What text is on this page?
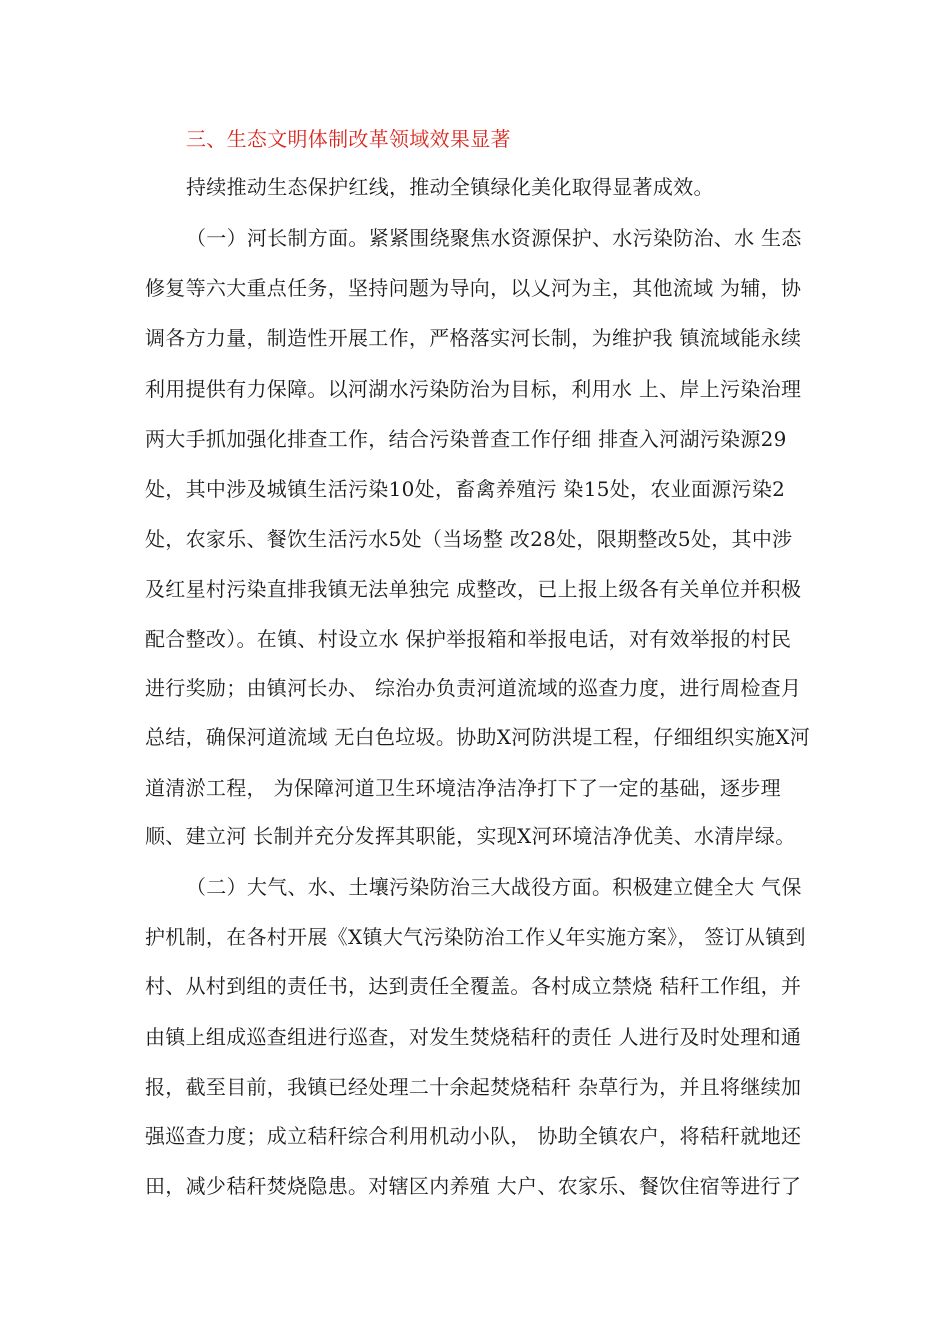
三、生态文明体制改革领域效果显著
持续推动生态保护红线，推动全镇绿化美化取得显著成效。
（一）河长制方面。紧紧围绕聚焦水资源保护、水污染防治、水 生态
修复等六大重点任务，坚持问题为导向，以乂河为主，其他流域 为辅，协
调各方力量，制造性开展工作，严格落实河长制，为维护我 镇流域能永续
利用提供有力保障。以河湖水污染防治为目标，利用水 上、岸上污染治理
两大手抓加强化排查工作，结合污染普查工作仔细 排查入河湖污染源29
处，其中涉及城镇生活污染10处，畜禽养殖污 染15处，农业面源污染2
处，农家乐、餐饮生活污水5处（当场整 改28处，限期整改5处，其中涉
及红星村污染直排我镇无法单独完 成整改，已上报上级各有关单位并积极
配合整改）。在镇、村设立水 保护举报箱和举报电话，对有效举报的村民
进行奖励；由镇河长办、 综治办负责河道流域的巡查力度，进行周检查月
总结，确保河道流域 无白色垃圾。协助X河防洪堤工程，仔细组织实施X河
道清淤工程， 为保障河道卫生环境洁净洁净打下了一定的基础，逐步理
顺、建立河 长制并充分发挥其职能，实现X河环境洁净优美、水清岸绿。
（二）大气、水、土壤污染防治三大战役方面。积极建立健全大 气保
护机制，在各村开展《X镇大气污染防治工作乂年实施方案》， 签订从镇到
村、从村到组的责任书，达到责任全覆盖。各村成立禁烧 秸秆工作组，并
由镇上组成巡查组进行巡查，对发生焚烧秸秆的责任 人进行及时处理和通
报，截至目前，我镇已经处理二十余起焚烧秸秆 杂草行为，并且将继续加
强巡查力度；成立秸秆综合利用机动小队， 协助全镇农户，将秸秆就地还
田，减少秸秆焚烧隐患。对辖区内养殖 大户、农家乐、餐饮住宿等进行了
